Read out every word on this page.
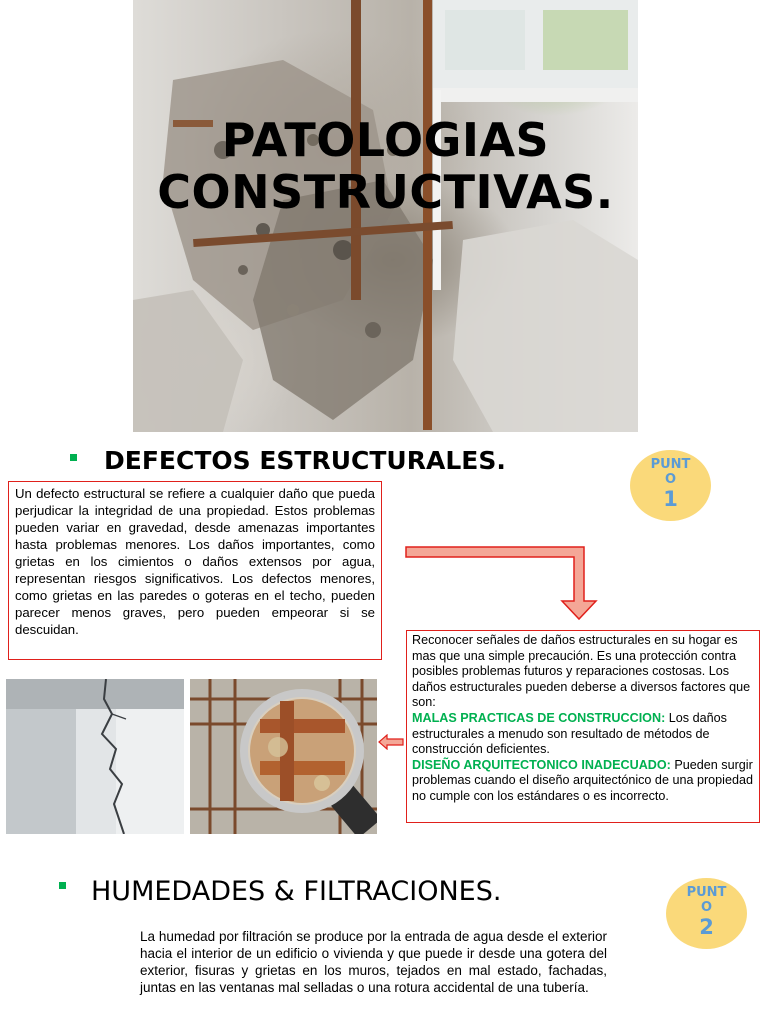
PATOLOGIAS
CONSTRUCTIVAS.
DEFECTOS ESTRUCTURALES.	PUNT
O
1
Un defecto estructural se refiere a cualquier daño que pueda perjudicar la integridad de una propiedad. Estos problemas pueden variar en gravedad, desde amenazas importantes hasta problemas menores. Los daños importantes, como grietas en los cimientos o daños extensos por agua, representan riesgos significativos. Los defectos menores, como grietas en las paredes o goteras en el techo, pueden parecer menos graves, pero pueden empeorar si se descuidan.
Reconocer señales de daños estructurales en su hogar es mas que una simple precaución. Es una protección contra posibles problemas futuros y reparaciones costosas. Los daños estructurales pueden deberse a diversos factores que son:
MALAS PRACTICAS DE CONSTRUCCION: Los daños estructurales a menudo son resultado de métodos de construcción deficientes.
DISEÑO ARQUITECTONICO INADECUADO: Pueden surgir problemas cuando el diseño arquitectónico de una propiedad no cumple con los estándares o es incorrecto.
HUMEDADES & FILTRACIONES.	PUNT
O
2
La humedad por filtración se produce por la entrada de agua desde el exterior hacia el interior de un edificio o vivienda y que puede ir desde una gotera del exterior, fisuras y grietas en los muros, tejados en mal estado, fachadas, juntas en las ventanas mal selladas o una rotura accidental de una tubería.
